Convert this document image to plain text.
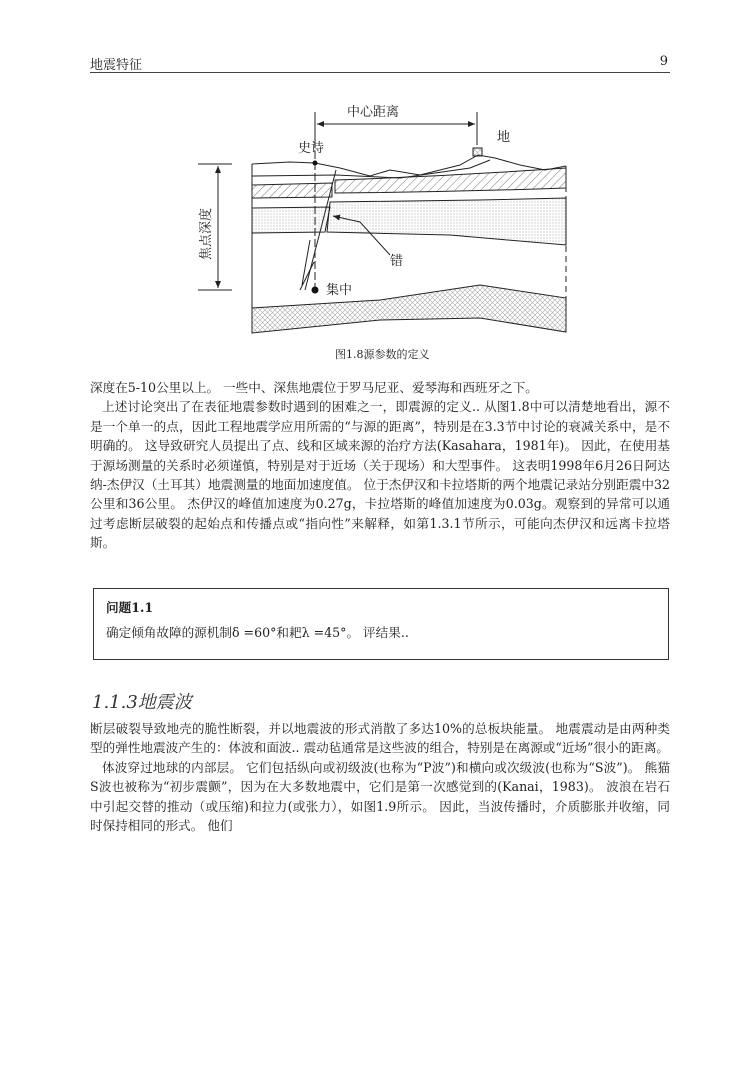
地震特征	9
中心距离
史诗
地
错
集中
焦点深度
图1.8源参数的定义

深度在5-10公里以上。 一些中、深焦地震位于罗马尼亚、爱琴海和西班牙之下。

上述讨论突出了在表征地震参数时遇到的困难之一，即震源的定义.. 从图1.8中可以清楚地看出，源不是一个单一的点，因此工程地震学应用所需的“与源的距离”，特别是在3.3节中讨论的衰减关系中，是不明确的。 这导致研究人员提出了点、线和区域来源的治疗方法(Kasahara，1981年)。 因此，在使用基于源场测量的关系时必须谨慎，特别是对于近场（关于现场）和大型事件。 这表明1998年6月26日阿达纳-杰伊汉（土耳其）地震测量的地面加速度值。 位于杰伊汉和卡拉塔斯的两个地震记录站分别距震中32公里和36公里。 杰伊汉的峰值加速度为0.27g，卡拉塔斯的峰值加速度为0.03g。观察到的异常可以通过考虑断层破裂的起始点和传播点或“指向性”来解释，如第1.3.1节所示，可能向杰伊汉和远离卡拉塔斯。

问题1.1
确定倾角故障的源机制δ =60°和耙λ =45°。 评结果..
1.1.3地震波

断层破裂导致地壳的脆性断裂，并以地震波的形式消散了多达10%的总板块能量。 地震震动是由两种类型的弹性地震波产生的：体波和面波.. 震动毡通常是这些波的组合，特别是在离源或“近场”很小的距离。

体波穿过地球的内部层。 它们包括纵向或初级波(也称为“P波”)和横向或次级波(也称为“S波”)。 熊猫S波也被称为“初步震颤”，因为在大多数地震中，它们是第一次感觉到的(Kanai，1983)。 波浪在岩石中引起交替的推动（或压缩)和拉力(或张力），如图1.9所示。 因此，当波传播时，介质膨胀并收缩，同时保持相同的形式。 他们
